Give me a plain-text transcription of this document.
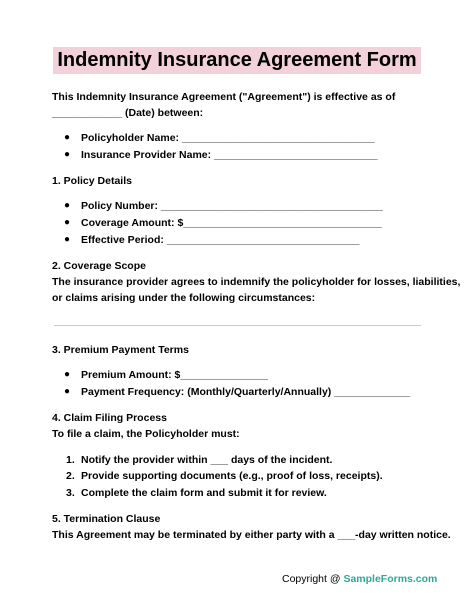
Indemnity Insurance Agreement Form
This Indemnity Insurance Agreement ("Agreement") is effective as of
____________ (Date) between:
● Policyholder Name: _________________________________
● Insurance Provider Name: ____________________________
1. Policy Details
● Policy Number: ______________________________________
● Coverage Amount: $__________________________________
● Effective Period: _________________________________
2. Coverage Scope
The insurance provider agrees to indemnify the policyholder for losses, liabilities,
or claims arising under the following circumstances:
3. Premium Payment Terms
● Premium Amount: $_______________
● Payment Frequency: (Monthly/Quarterly/Annually) _____________
4. Claim Filing Process
To file a claim, the Policyholder must:
1. Notify the provider within ___ days of the incident.
2. Provide supporting documents (e.g., proof of loss, receipts).
3. Complete the claim form and submit it for review.
5. Termination Clause
This Agreement may be terminated by either party with a ___-day written notice.
Copyright @ SampleForms.com
